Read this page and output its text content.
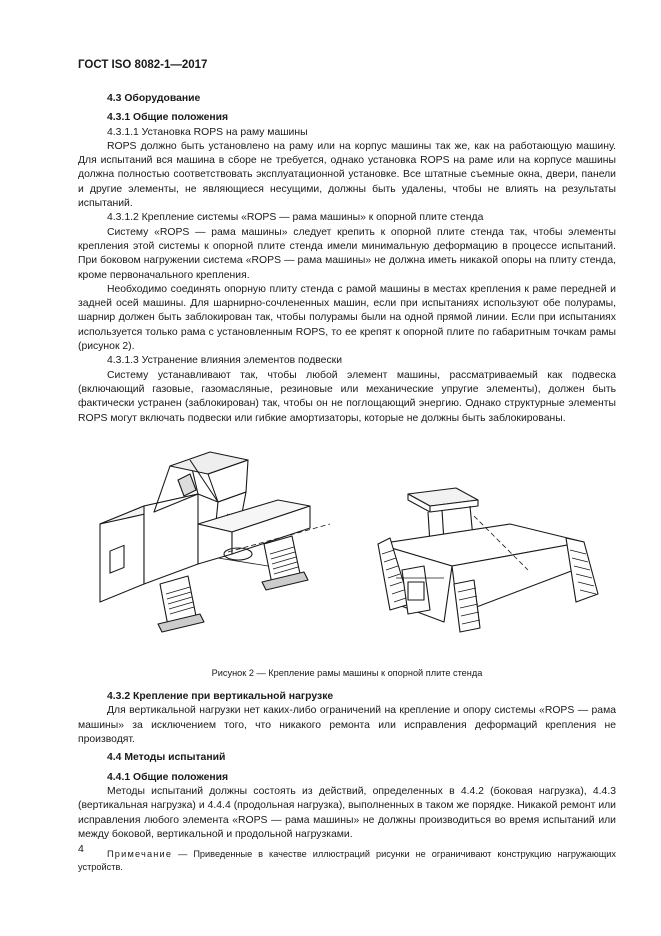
ГОСТ ISO 8082-1—2017
4.3 Оборудование
4.3.1 Общие положения
4.3.1.1 Установка ROPS на раму машины

ROPS должно быть установлено на раму или на корпус машины так же, как на работающую машину. Для испытаний вся машина в сборе не требуется, однако установка ROPS на раме или на корпусе машины должна полностью соответствовать эксплуатационной установке. Все штатные съемные окна, двери, панели и другие элементы, не являющиеся несущими, должны быть удалены, чтобы не влиять на результаты испытаний.

4.3.1.2 Крепление системы «ROPS — рама машины» к опорной плите стенда

Систему «ROPS — рама машины» следует крепить к опорной плите стенда так, чтобы элементы крепления этой системы к опорной плите стенда имели минимальную деформацию в процессе испытаний. При боковом нагружении система «ROPS — рама машины» не должна иметь никакой опоры на плиту стенда, кроме первоначального крепления.

Необходимо соединять опорную плиту стенда с рамой машины в местах крепления к раме передней и задней осей машины. Для шарнирно-сочлененных машин, если при испытаниях используют обе полурамы, шарнир должен быть заблокирован так, чтобы полурамы были на одной прямой линии. Если при испытаниях используется только рама с установленным ROPS, то ее крепят к опорной плите по габаритным точкам рамы (рисунок 2).

4.3.1.3 Устранение влияния элементов подвески

Систему устанавливают так, чтобы любой элемент машины, рассматриваемый как подвеска (включающий газовые, газомасляные, резиновые или механические упругие элементы), должен быть фактически устранен (заблокирован) так, чтобы он не поглощающий энергию. Однако структурные элементы ROPS могут включать подвески или гибкие амортизаторы, которые не должны быть заблокированы.

Рисунок 2 — Крепление рамы машины к опорной плите стенда
4.3.2 Крепление при вертикальной нагрузке

Для вертикальной нагрузки нет каких-либо ограничений на крепление и опору системы «ROPS — рама машины» за исключением того, что никакого ремонта или исправления деформаций крепления не производят.

4.4 Методы испытаний
4.4.1 Общие положения

Методы испытаний должны состоять из действий, определенных в 4.4.2 (боковая нагрузка), 4.4.3 (вертикальная нагрузка) и 4.4.4 (продольная нагрузка), выполненных в таком же порядке. Никакой ремонт или исправления любого элемента «ROPS — рама машины» не должны производиться во время испытаний или между боковой, вертикальной и продольной нагрузками.

Примечание — Приведенные в качестве иллюстраций рисунки не ограничивают конструкцию нагружающих устройств.
4
